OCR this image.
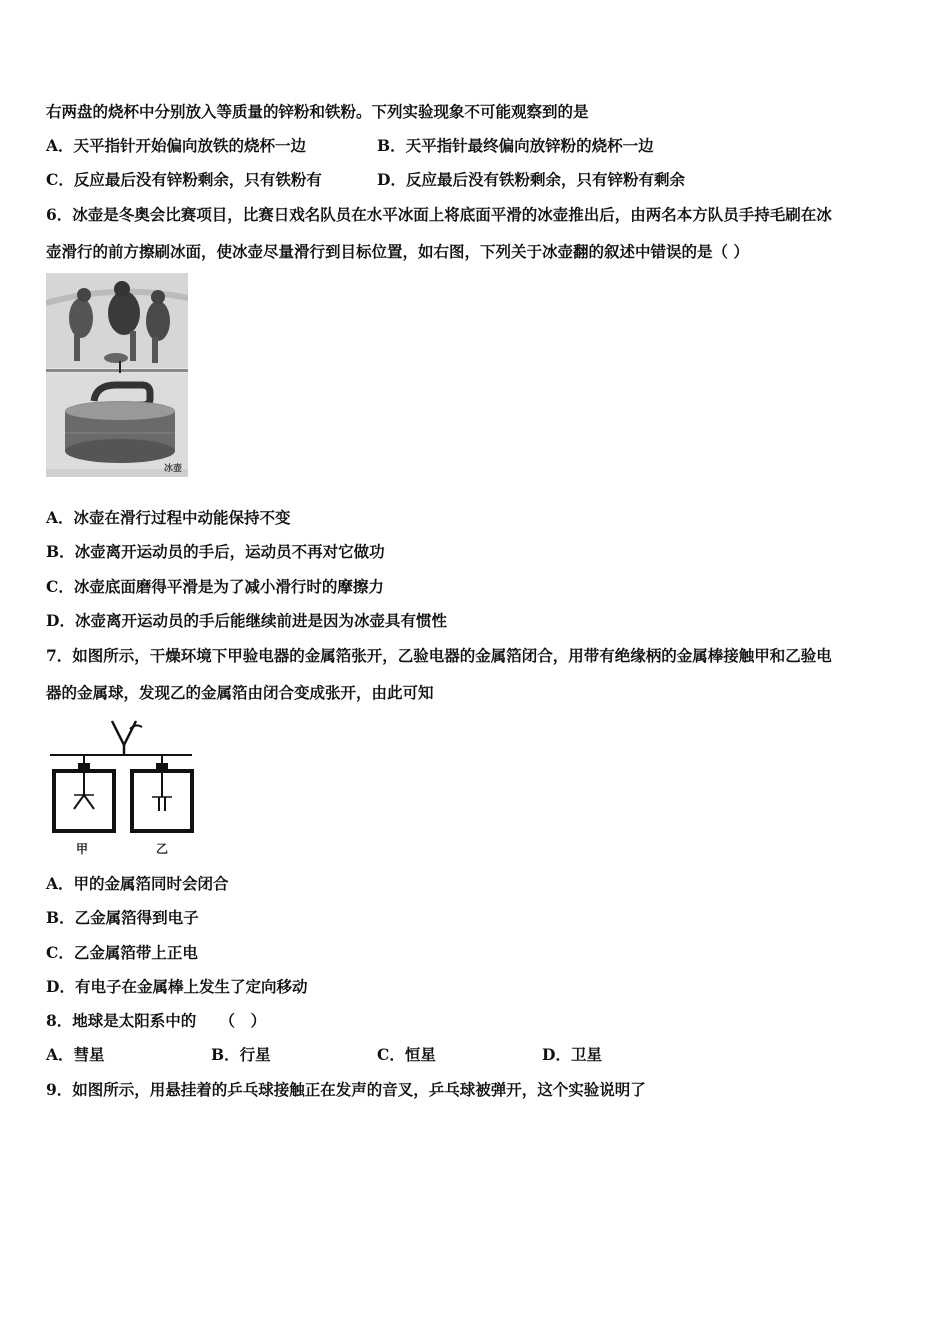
右两盘的烧杯中分别放入等质量的锌粉和铁粉。下列实验现象不可能观察到的是
A．天平指针开始偏向放铁的烧杯一边	B．天平指针最终偏向放锌粉的烧杯一边
C．反应最后没有锌粉剩余，只有铁粉有	D．反应最后没有铁粉剩余，只有锌粉有剩余
6．冰壶是冬奥会比赛项目，比赛日戏名队员在水平冰面上将底面平滑的冰壶推出后，由两名本方队员手持毛刷在冰
壶滑行的前方擦刷冰面，使冰壶尽量滑行到目标位置，如右图，下列关于冰壶翻的叙述中错误的是（ ）
冰壶
A．冰壶在滑行过程中动能保持不变
B．冰壶离开运动员的手后，运动员不再对它做功
C．冰壶底面磨得平滑是为了减小滑行时的摩擦力
D．冰壶离开运动员的手后能继续前进是因为冰壶具有惯性
7．如图所示，干燥环境下甲验电器的金属箔张开，乙验电器的金属箔闭合，用带有绝缘柄的金属棒接触甲和乙验电
器的金属球，发现乙的金属箔由闭合变成张开，由此可知
甲	乙
A．甲的金属箔同时会闭合
B．乙金属箔得到电子
C．乙金属箔带上正电
D．有电子在金属棒上发生了定向移动
8．地球是太阳系中的　　（　）
A．彗星	B．行星	C．恒星	D．卫星
9．如图所示，用悬挂着的乒乓球接触正在发声的音叉，乒乓球被弹开，这个实验说明了
